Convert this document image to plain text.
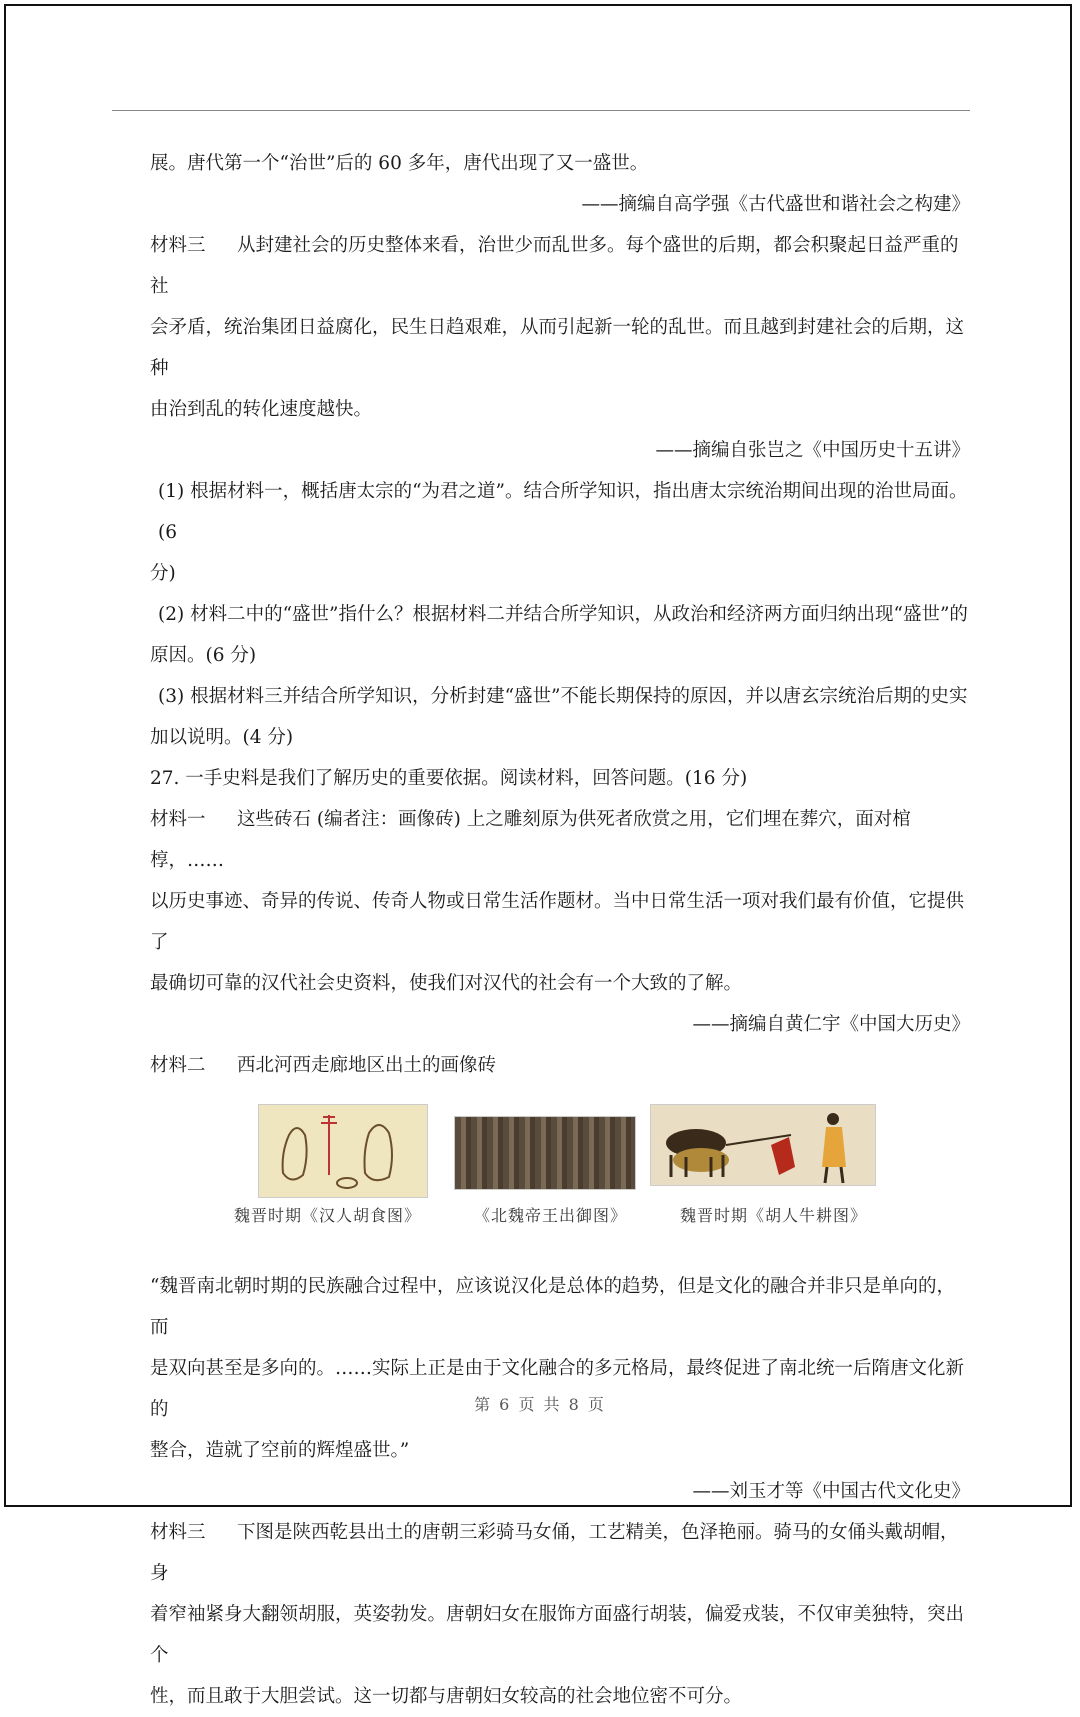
展。唐代第一个“治世”后的 60 多年，唐代出现了又一盛世。

——摘编自高学强《古代盛世和谐社会之构建》

材料三 从封建社会的历史整体来看，治世少而乱世多。每个盛世的后期，都会积聚起日益严重的社

会矛盾，统治集团日益腐化，民生日趋艰难，从而引起新一轮的乱世。而且越到封建社会的后期，这种

由治到乱的转化速度越快。

——摘编自张岂之《中国历史十五讲》

(1) 根据材料一，概括唐太宗的“为君之道”。结合所学知识，指出唐太宗统治期间出现的治世局面。(6

分)

(2) 材料二中的“盛世”指什么？根据材料二并结合所学知识，从政治和经济两方面归纳出现“盛世”的

原因。(6 分)

(3) 根据材料三并结合所学知识，分析封建“盛世”不能长期保持的原因，并以唐玄宗统治后期的史实

加以说明。(4 分)

27. 一手史料是我们了解历史的重要依据。阅读材料，回答问题。(16 分)

材料一 这些砖石 (编者注：画像砖) 上之雕刻原为供死者欣赏之用，它们埋在葬穴，面对棺椁，……

以历史事迹、奇异的传说、传奇人物或日常生活作题材。当中日常生活一项对我们最有价值，它提供了

最确切可靠的汉代社会史资料，使我们对汉代的社会有一个大致的了解。

——摘编自黄仁宇《中国大历史》

材料二 西北河西走廊地区出土的画像砖

魏晋时期《汉人胡食图》	《北魏帝王出御图》	魏晋时期《胡人牛耕图》

“魏晋南北朝时期的民族融合过程中，应该说汉化是总体的趋势，但是文化的融合并非只是单向的，而

是双向甚至是多向的。……实际上正是由于文化融合的多元格局，最终促进了南北统一后隋唐文化新的

整合，造就了空前的辉煌盛世。”

——刘玉才等《中国古代文化史》

材料三 下图是陕西乾县出土的唐朝三彩骑马女俑，工艺精美，色泽艳丽。骑马的女俑头戴胡帽，身

着窄袖紧身大翻领胡服，英姿勃发。唐朝妇女在服饰方面盛行胡装，偏爱戎装，不仅审美独特，突出个

性，而且敢于大胆尝试。这一切都与唐朝妇女较高的社会地位密不可分。

第 6 页 共 8 页
